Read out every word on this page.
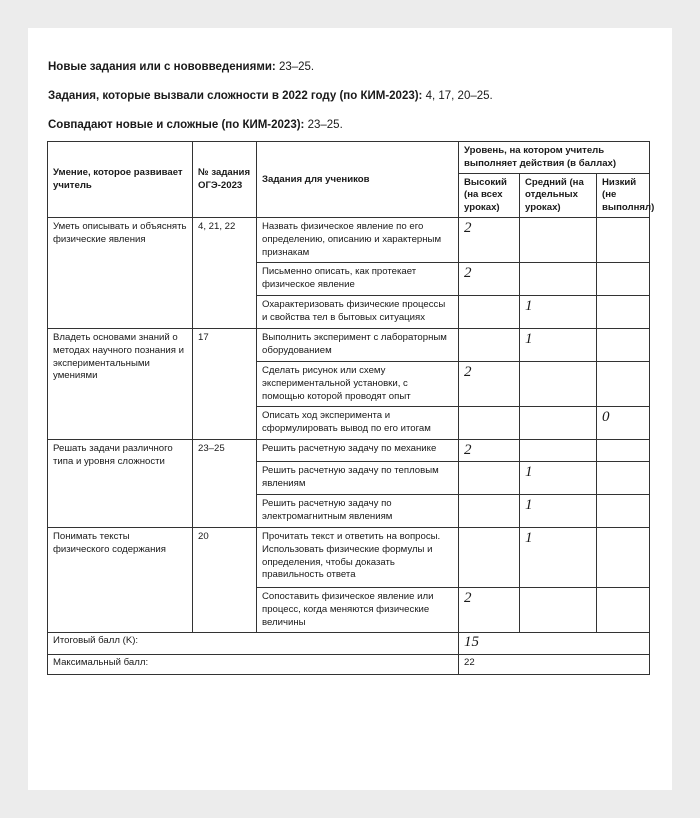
Новые задания или с нововведениями: 23–25.

Задания, которые вызвали сложности в 2022 году (по КИМ-2023): 4, 17, 20–25.

Совпадают новые и сложные (по КИМ-2023): 23–25.

Умение, которое развивает учитель	№ задания ОГЭ-2023	Задания для учеников	Уровень, на котором учитель выполняет действия (в баллах)		
			Высокий (на всех уроках)	Средний (на отдельных уроках)	Низкий (не выполнял)
Уметь описывать и объяснять физические явления	4, 21, 22	Назвать физическое явление по его определению, описанию и характерным признакам	2		
		Письменно описать, как протекает физическое явление	2		
		Охарактеризовать физические процессы и свойства тел в бытовых ситуациях		1	
Владеть основами знаний о методах научного познания и экспериментальными умениями	17	Выполнить эксперимент с лабораторным оборудованием		1	
		Сделать рисунок или схему экспериментальной установки, с помощью которой проводят опыт	2		
		Описать ход эксперимента и сформулировать вывод по его итогам			0
Решать задачи различного типа и уровня сложности	23–25	Решить расчетную задачу по механике	2		
		Решить расчетную задачу по тепловым явлениям		1	
		Решить расчетную задачу по электромагнитным явлениям		1	
Понимать тексты физического содержания	20	Прочитать текст и ответить на вопросы. Использовать физические формулы и определения, чтобы доказать правильность ответа		1	
		Сопоставить физическое явление или процесс, когда меняются физические величины	2		
Итоговый балл (K):			15		
Максимальный балл:			22		
